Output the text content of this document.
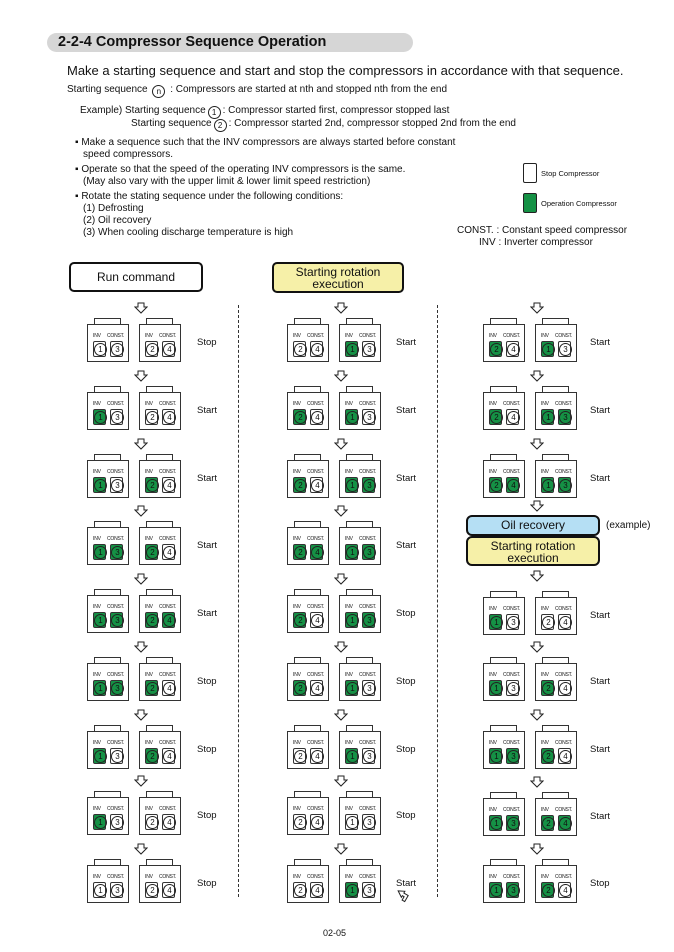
2-2-4 Compressor Sequence Operation
Make a starting sequence and start and stop the compressors in accordance with that sequence.
Starting sequence n : Compressors are started at nth and stopped nth from the end
Example) Starting sequence 1 : Compressor started first, compressor stopped last
Starting sequence 2 : Compressor started 2nd, compressor stopped 2nd from the end
▪ Make a sequence such that the INV compressors are always started before constant
speed compressors.
▪ Operate so that the speed of the operating INV compressors is the same.
(May also vary with the upper limit & lower limit speed restriction)
▪ Rotate the stating sequence under the following conditions:
(1) Defrosting
(2) Oil recovery
(3) When cooling discharge temperature is high
Stop Compressor
Operation Compressor
CONST. : Constant speed compressor
INV : Inverter compressor
Run command	Starting rotation execution
INV CONST.
1	3
INV CONST.
2	4
Stop
INV CONST.
1	3
INV CONST.
2	4
Start
INV CONST.
1	3
INV CONST.
2	4
Start
INV CONST.
1	3
INV CONST.
2	4
Start
INV CONST.
1	3
INV CONST.
2	4
Start
INV CONST.
1	3
INV CONST.
2	4
Stop
INV CONST.
1	3
INV CONST.
2	4
Stop
INV CONST.
1	3
INV CONST.
2	4
Stop
INV CONST.
1	3
INV CONST.
2	4
Stop
INV CONST.
2	4
INV CONST.
1	3
Start
INV CONST.
2	4
INV CONST.
1	3
Start
INV CONST.
2	4
INV CONST.
1	3
Start
INV CONST.
2	4
INV CONST.
1	3
Start
INV CONST.
2	4
INV CONST.
1	3
Stop
INV CONST.
2	4
INV CONST.
1	3
Stop
INV CONST.
2	4
INV CONST.
1	3
Stop
INV CONST.
2	4
INV CONST.
1	3
Stop
INV CONST.
2	4
INV CONST.
1	3
Start
INV CONST.
2	4
INV CONST.
1	3
Start
INV CONST.
2	4
INV CONST.
1	3
Start
INV CONST.
2	4
INV CONST.
1	3
Start
INV CONST.
1	3
INV CONST.
2	4
Start
INV CONST.
1	3
INV CONST.
2	4
Start
INV CONST.
1	3
INV CONST.
2	4
Start
INV CONST.
1	3
INV CONST.
2	4
Start
INV CONST.
1	3
INV CONST.
2	4
Stop
Oil recovery	(example)
Starting rotation execution
02-05
